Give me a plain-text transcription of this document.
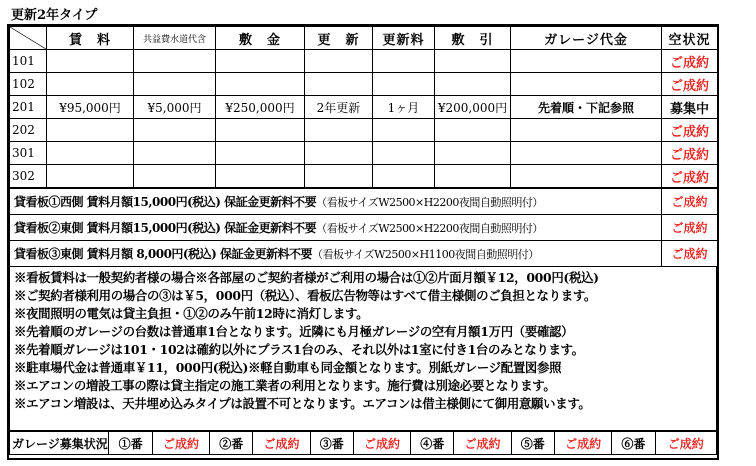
更新2年タイプ
	賃　料	共益費水道代含	敷　金	更　新	更新料	敷　引	ガレージ代金	空状況
101								ご成約
102								ご成約
201	¥95,000円	¥5,000円	¥250,000円	2年更新	1ヶ月	¥200,000円	先着順・下記参照	募集中
202								ご成約
301								ご成約
302								ご成約
貸看板①西側 賃料月額15,000円(税込) 保証金更新料不要（看板サイズW2500×H2200夜間自動照明付）	ご成約
貸看板②東側 賃料月額15,000円(税込) 保証金更新料不要（看板サイズW2500×H2200夜間自動照明付）	ご成約
貸看板③東側 賃料月額 8,000円(税込) 保証金更新料不要（看板サイズW2500×H1100夜間自動照明付）	ご成約
※看板賃料は一般契約者様の場合※各部屋のご契約者様がご利用の場合は①②片面月額￥12，000円(税込)
※ご契約者様利用の場合の③は￥5，000円（税込）、看板広告物等はすべて借主様側のご負担となります。
※夜間照明の電気は貸主負担・①②のみ午前12時に消灯します。
※先着順のガレージの台数は普通車1台となります。近隣にも月極ガレージの空有月額1万円（要確認）
※先着順ガレージは101・102は確約以外にプラス1台のみ、それ以外は1室に付き1台のみとなります。
※駐車場代金は普通車￥11，000円(税込)※軽自動車も同金額となります。別紙ガレージ配置図参照
※エアコンの増設工事の際は貸主指定の施工業者の利用となります。施行費は別途必要となります。
※エアコン増設は、天井埋め込みタイプは設置不可となります。エアコンは借主様側にて御用意願います。
ガレージ募集状況	①番	ご成約	②番	ご成約	③番	ご成約	④番	ご成約	⑤番	ご成約	⑥番	ご成約
